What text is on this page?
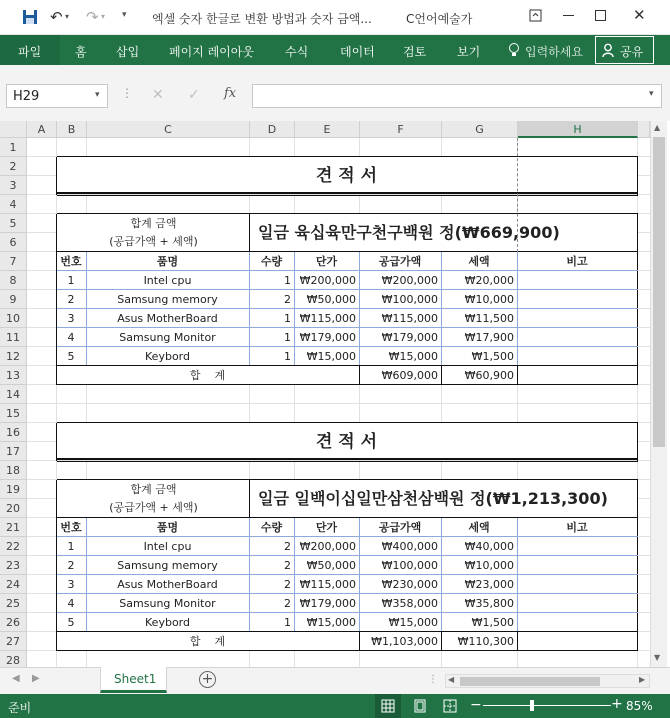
↶ ▾ ↷ ▾ ▾ 엑셀 숫자 한글로 변환 방법과 숫자 금액...	C언어예술가	✕
파일	홈 삽입 페이지 레이아웃	수식	데이터 검토	보기	입력하세요	공유
H29	▾ ⋮ ✕ ✓ fx	▾
▲
▼
A	B	C	D	E	F	G	H
1
2
3
4
5
6
7
8
9
10
11
12
13
14
15
16
17
18
19
20
21
22
23
24
25
26
27
28
견 적 서
합계 금액
(공급가액 + 세액)	일금 육십육만구천구백원 정(₩669,900)
번호	품명	수량	단가	공급가액	세액	비고
1	Intel cpu	1 ₩200,000	₩200,000	₩20,000
2	Samsung memory	2	₩50,000	₩100,000	₩10,000
3	Asus MotherBoard	1 ₩115,000	₩115,000	₩11,500
4	Samsung Monitor	1 ₩179,000	₩179,000	₩17,900
5	Keybord	1	₩15,000	₩15,000	₩1,500
합    계	₩609,000	₩60,900
견 적 서
합계 금액
(공급가액 + 세액)	일금 일백이십일만삼천삼백원 정(₩1,213,300)
번호	품명	수량	단가	공급가액	세액	비고
1	Intel cpu	2 ₩200,000	₩400,000	₩40,000
2	Samsung memory	2	₩50,000	₩100,000	₩10,000
3	Asus MotherBoard	2 ₩115,000	₩230,000	₩23,000
4	Samsung Monitor	2 ₩179,000	₩358,000	₩35,800
5	Keybord	1	₩15,000	₩15,000	₩1,500
합    계	₩1,103,000	₩110,300
◀ ▶	Sheet1	+	⋮ ◀	▶
준비	−	+ 85%
